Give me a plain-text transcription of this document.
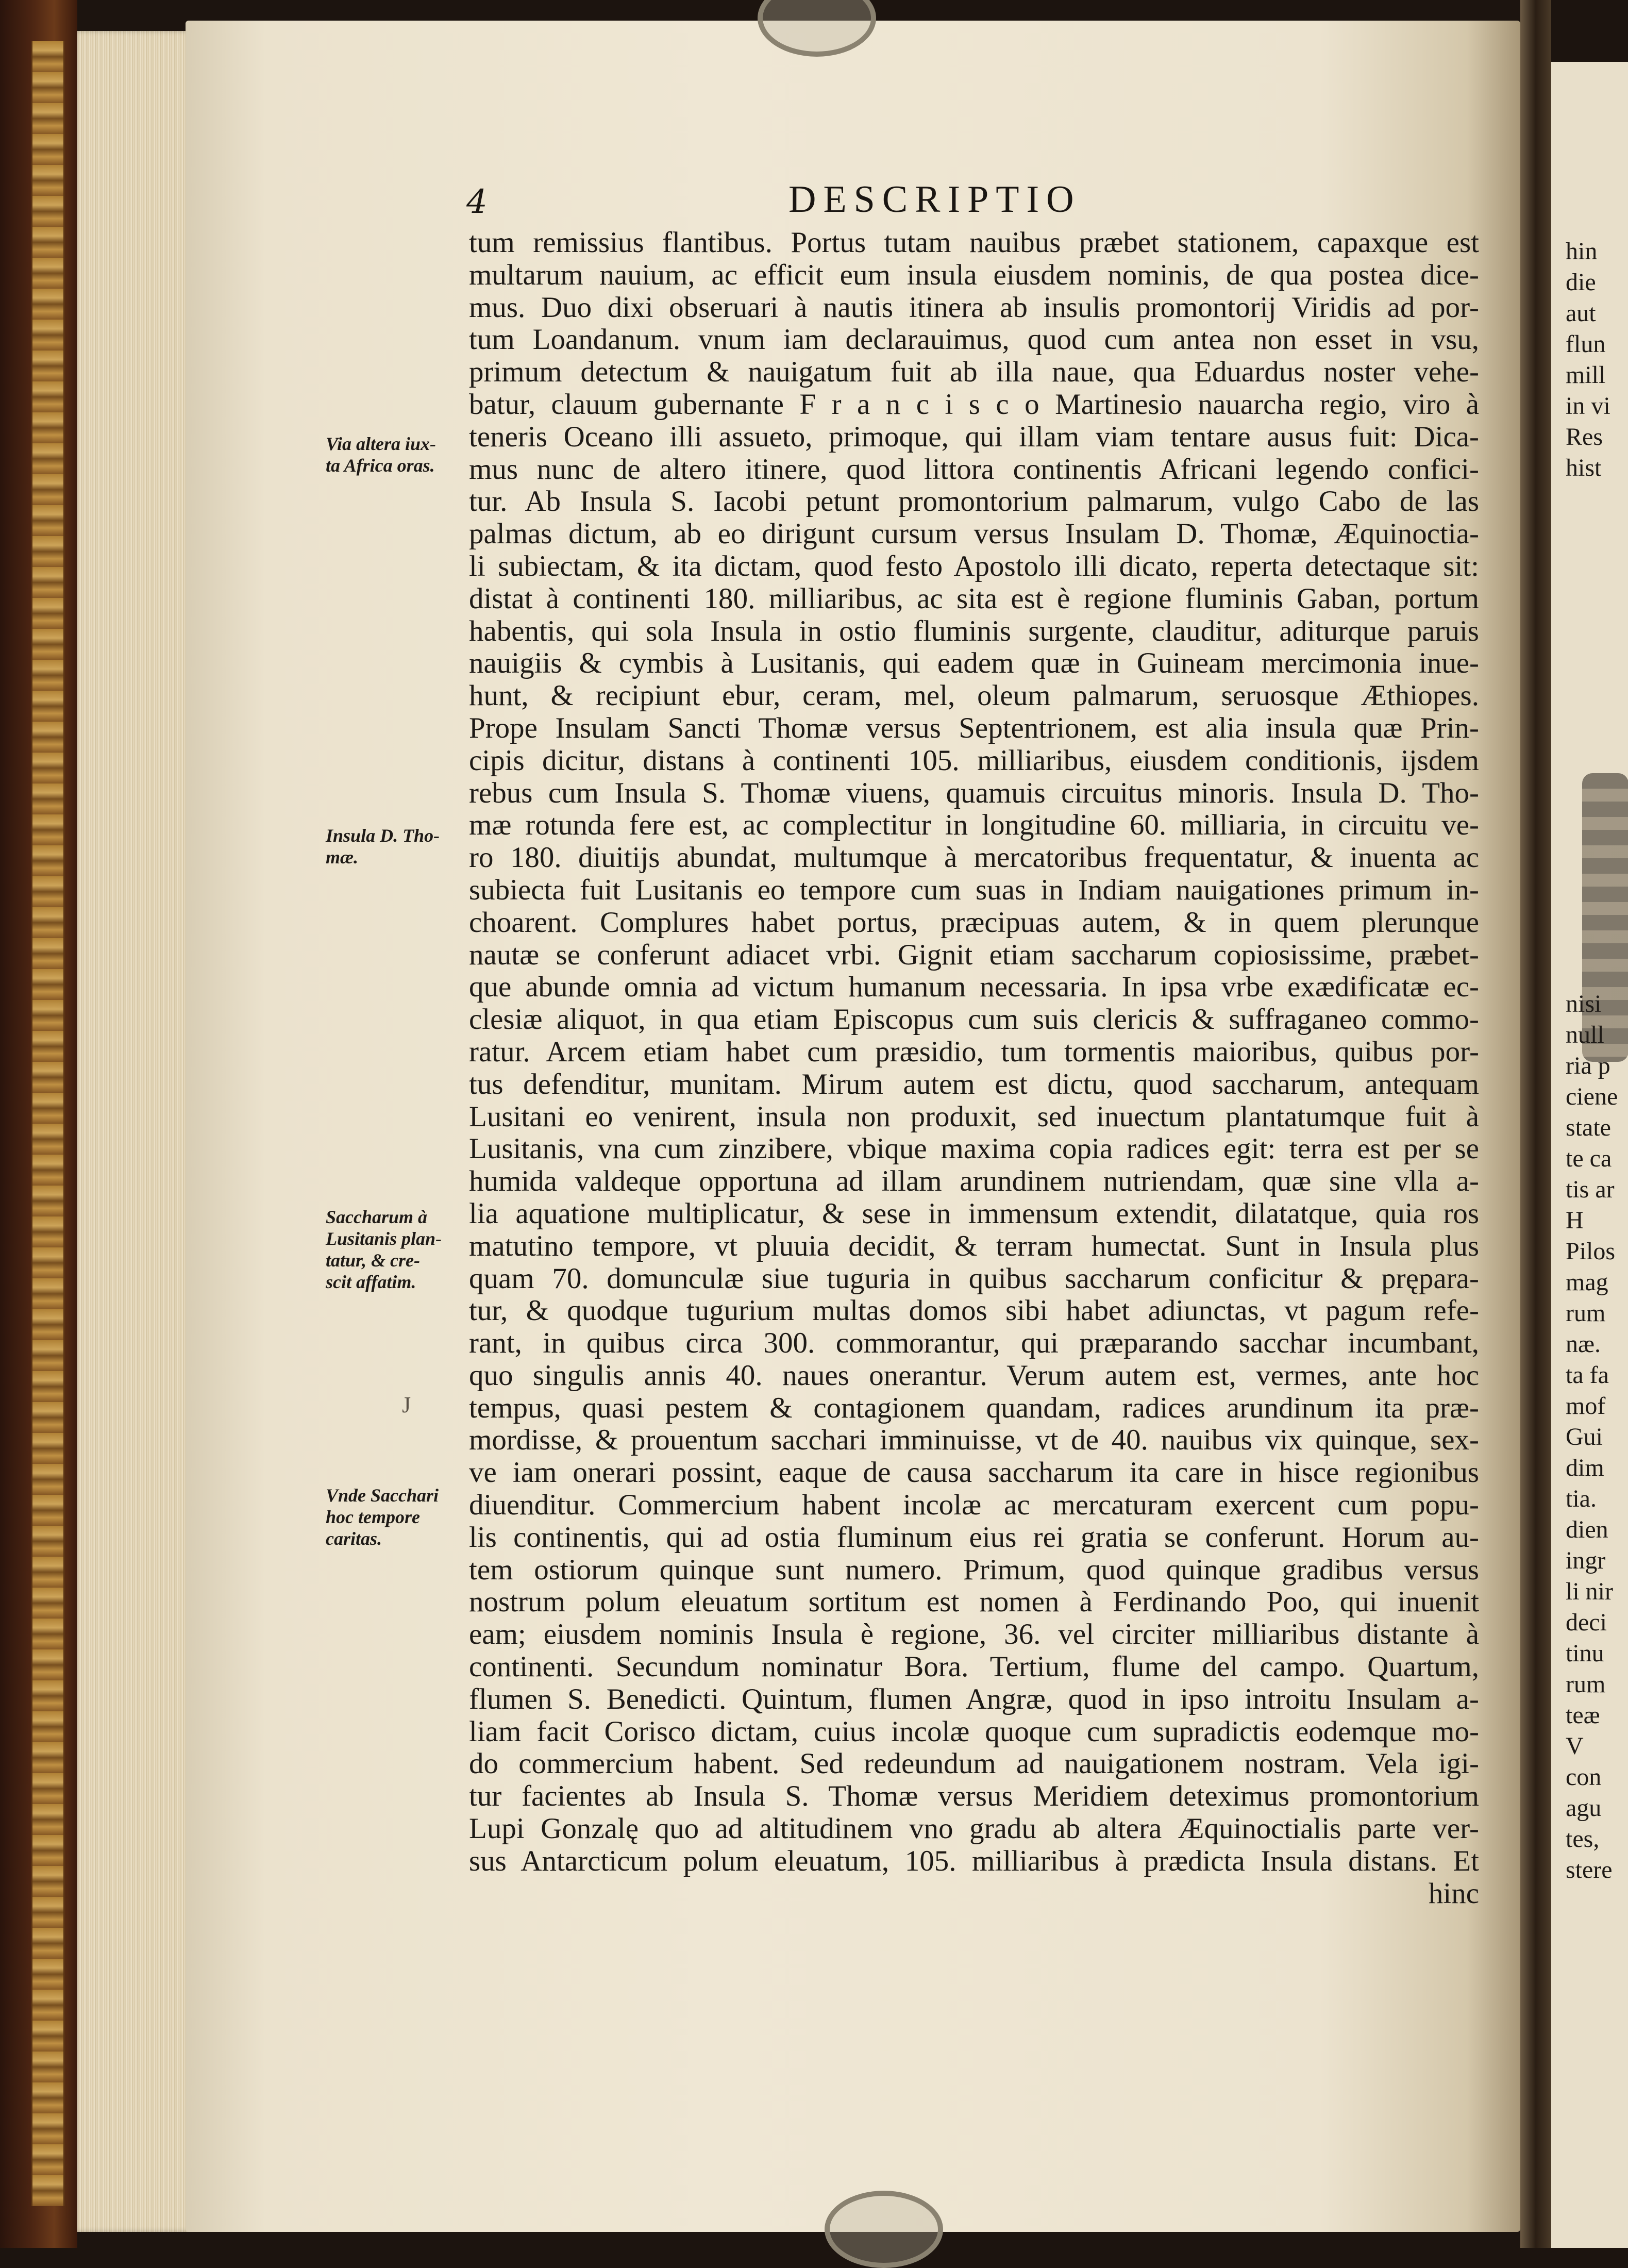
4	DESCRIPTIO
tum remissius flantibus. Portus tutam nauibus præbet stationem, capaxque est
multarum nauium, ac efficit eum insula eiusdem nominis, de qua postea dice-
mus. Duo dixi obseruari à nautis itinera ab insulis promontorij Viridis ad por-
tum Loandanum. vnum iam declarauimus, quod cum antea non esset in vsu,
primum detectum & nauigatum fuit ab illa naue, qua Eduardus noster vehe-
batur, clauum gubernante F r a n c i s c o Martinesio nauarcha regio, viro à
teneris Oceano illi assueto, primoque, qui illam viam tentare ausus fuit: Dica-
mus nunc de altero itinere, quod littora continentis Africani legendo confici-
tur. Ab Insula S. Iacobi petunt promontorium palmarum, vulgo Cabo de las
palmas dictum, ab eo dirigunt cursum versus Insulam D. Thomæ, Æquinoctia-
li subiectam, & ita dictam, quod festo Apostolo illi dicato, reperta detectaque sit:
distat à continenti 180. milliaribus, ac sita est è regione fluminis Gaban, portum
habentis, qui sola Insula in ostio fluminis surgente, clauditur, aditurque paruis
nauigiis & cymbis à Lusitanis, qui eadem quæ in Guineam mercimonia inue-
hunt, & recipiunt ebur, ceram, mel, oleum palmarum, seruosque Æthiopes.
Prope Insulam Sancti Thomæ versus Septentrionem, est alia insula quæ Prin-
cipis dicitur, distans à continenti 105. milliaribus, eiusdem conditionis, ijsdem
rebus cum Insula S. Thomæ viuens, quamuis circuitus minoris. Insula D. Tho-
mæ rotunda fere est, ac complectitur in longitudine 60. milliaria, in circuitu ve-
ro 180. diuitijs abundat, multumque à mercatoribus frequentatur, & inuenta ac
subiecta fuit Lusitanis eo tempore cum suas in Indiam nauigationes primum in-
choarent. Complures habet portus, præcipuas autem, & in quem plerunque
nautæ se conferunt adiacet vrbi. Gignit etiam saccharum copiosissime, præbet-
que abunde omnia ad victum humanum necessaria. In ipsa vrbe exædificatæ ec-
clesiæ aliquot, in qua etiam Episcopus cum suis clericis & suffraganeo commo-
ratur. Arcem etiam habet cum præsidio, tum tormentis maioribus, quibus por-
tus defenditur, munitam. Mirum autem est dictu, quod saccharum, antequam
Lusitani eo venirent, insula non produxit, sed inuectum plantatumque fuit à
Lusitanis, vna cum zinzibere, vbique maxima copia radices egit: terra est per se
humida valdeque opportuna ad illam arundinem nutriendam, quæ sine vlla a-
lia aquatione multiplicatur, & sese in immensum extendit, dilatatque, quia ros
matutino tempore, vt pluuia decidit, & terram humectat. Sunt in Insula plus
quam 70. domunculæ siue tuguria in quibus saccharum conficitur & prępara-
tur, & quodque tugurium multas domos sibi habet adiunctas, vt pagum refe-
rant, in quibus circa 300. commorantur, qui præparando sacchar incumbant,
quo singulis annis 40. naues onerantur. Verum autem est, vermes, ante hoc
tempus, quasi pestem & contagionem quandam, radices arundinum ita præ-
mordisse, & prouentum sacchari imminuisse, vt de 40. nauibus vix quinque, sex-
ve iam onerari possint, eaque de causa saccharum ita care in hisce regionibus
diuenditur. Commercium habent incolæ ac mercaturam exercent cum popu-
lis continentis, qui ad ostia fluminum eius rei gratia se conferunt. Horum au-
tem ostiorum quinque sunt numero. Primum, quod quinque gradibus versus
nostrum polum eleuatum sortitum est nomen à Ferdinando Poo, qui inuenit
eam; eiusdem nominis Insula è regione, 36. vel circiter milliaribus distante à
continenti. Secundum nominatur Bora. Tertium, flume del campo. Quartum,
flumen S. Benedicti. Quintum, flumen Angræ, quod in ipso introitu Insulam a-
liam facit Corisco dictam, cuius incolæ quoque cum supradictis eodemque mo-
do commercium habent. Sed redeundum ad nauigationem nostram. Vela igi-
tur facientes ab Insula S. Thomæ versus Meridiem deteximus promontorium
Lupi Gonzalę quo ad altitudinem vno gradu ab altera Æquinoctialis parte ver-
sus Antarcticum polum eleuatum, 105. milliaribus à prædicta Insula distans. Et
hinc
Via altera iux-
ta Africa oras.
Insula D. Tho-
mæ.
Saccharum à
Lusitanis plan-
tatur, & cre-
scit affatim.
Vnde Sacchari
hoc tempore
caritas.
J
hin
die
aut
flun
mill
in vi
Res
hist
nisi
null
ria p
ciene
state
te ca
tis ar
H
Pilos
mag
rum
næ.
ta fa
mof
Gui
dim
tia.
dien
ingr
li nir
deci
tinu
rum
teæ
V
con
agu
tes,
stere
